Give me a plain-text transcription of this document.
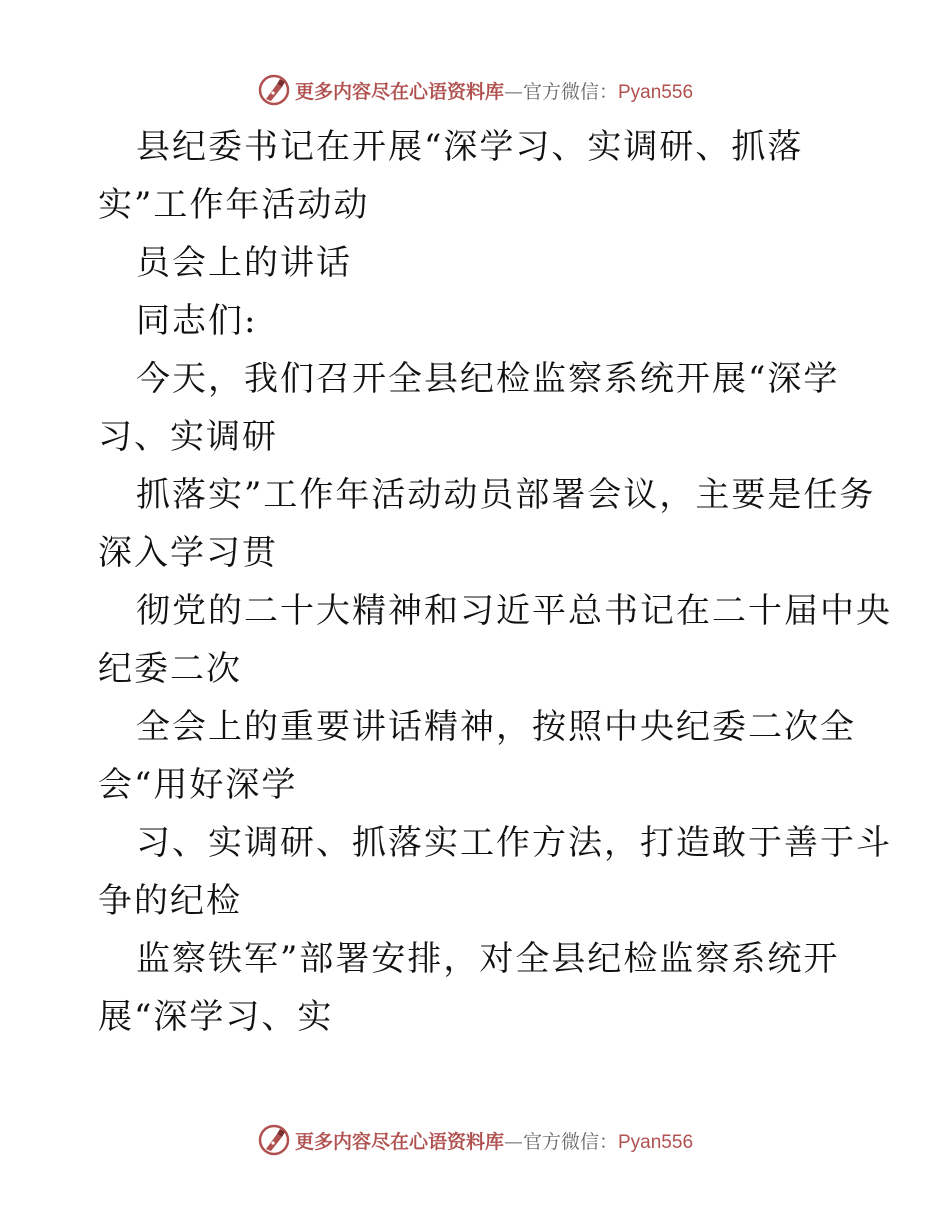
更多内容尽在心语资料库—官方微信：Pyan556
县纪委书记在开展“深学习、实调研、抓落
实”工作年活动动
员会上的讲话
同志们:
今天，我们召开全县纪检监察系统开展“深学
习、实调研
抓落实”工作年活动动员部署会议，主要是任务
深入学习贯
彻党的二十大精神和习近平总书记在二十届中央
纪委二次
全会上的重要讲话精神，按照中央纪委二次全
会“用好深学
习、实调研、抓落实工作方法，打造敢于善于斗
争的纪检
监察铁军”部署安排，对全县纪检监察系统开
展“深学习、实
更多内容尽在心语资料库—官方微信：Pyan556
